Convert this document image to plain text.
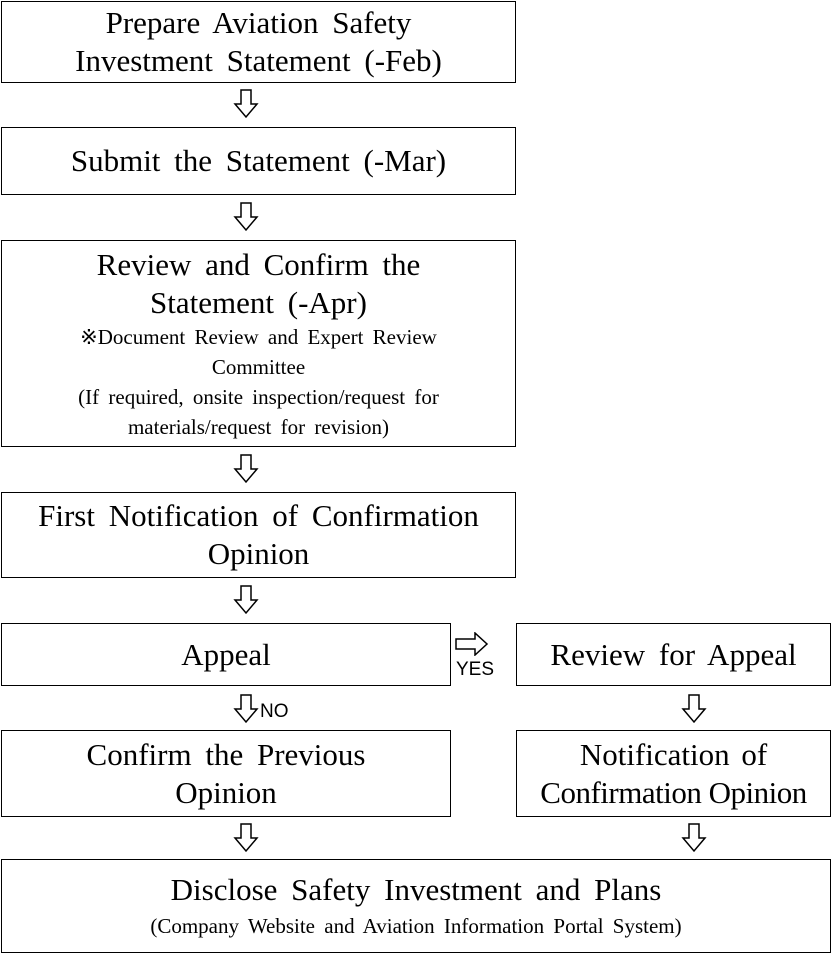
Prepare Aviation Safety
Investment Statement (-Feb)
Submit the Statement (-Mar)
Review and Confirm the
Statement (-Apr)
※Document Review and Expert Review
Committee
(If required, onsite inspection/request for
materials/request for revision)
First Notification of Confirmation
Opinion
Appeal	YES Review for Appeal
NO
Confirm the Previous
Opinion
Notification of
Confirmation Opinion
Disclose Safety Investment and Plans
(Company Website and Aviation Information Portal System)
